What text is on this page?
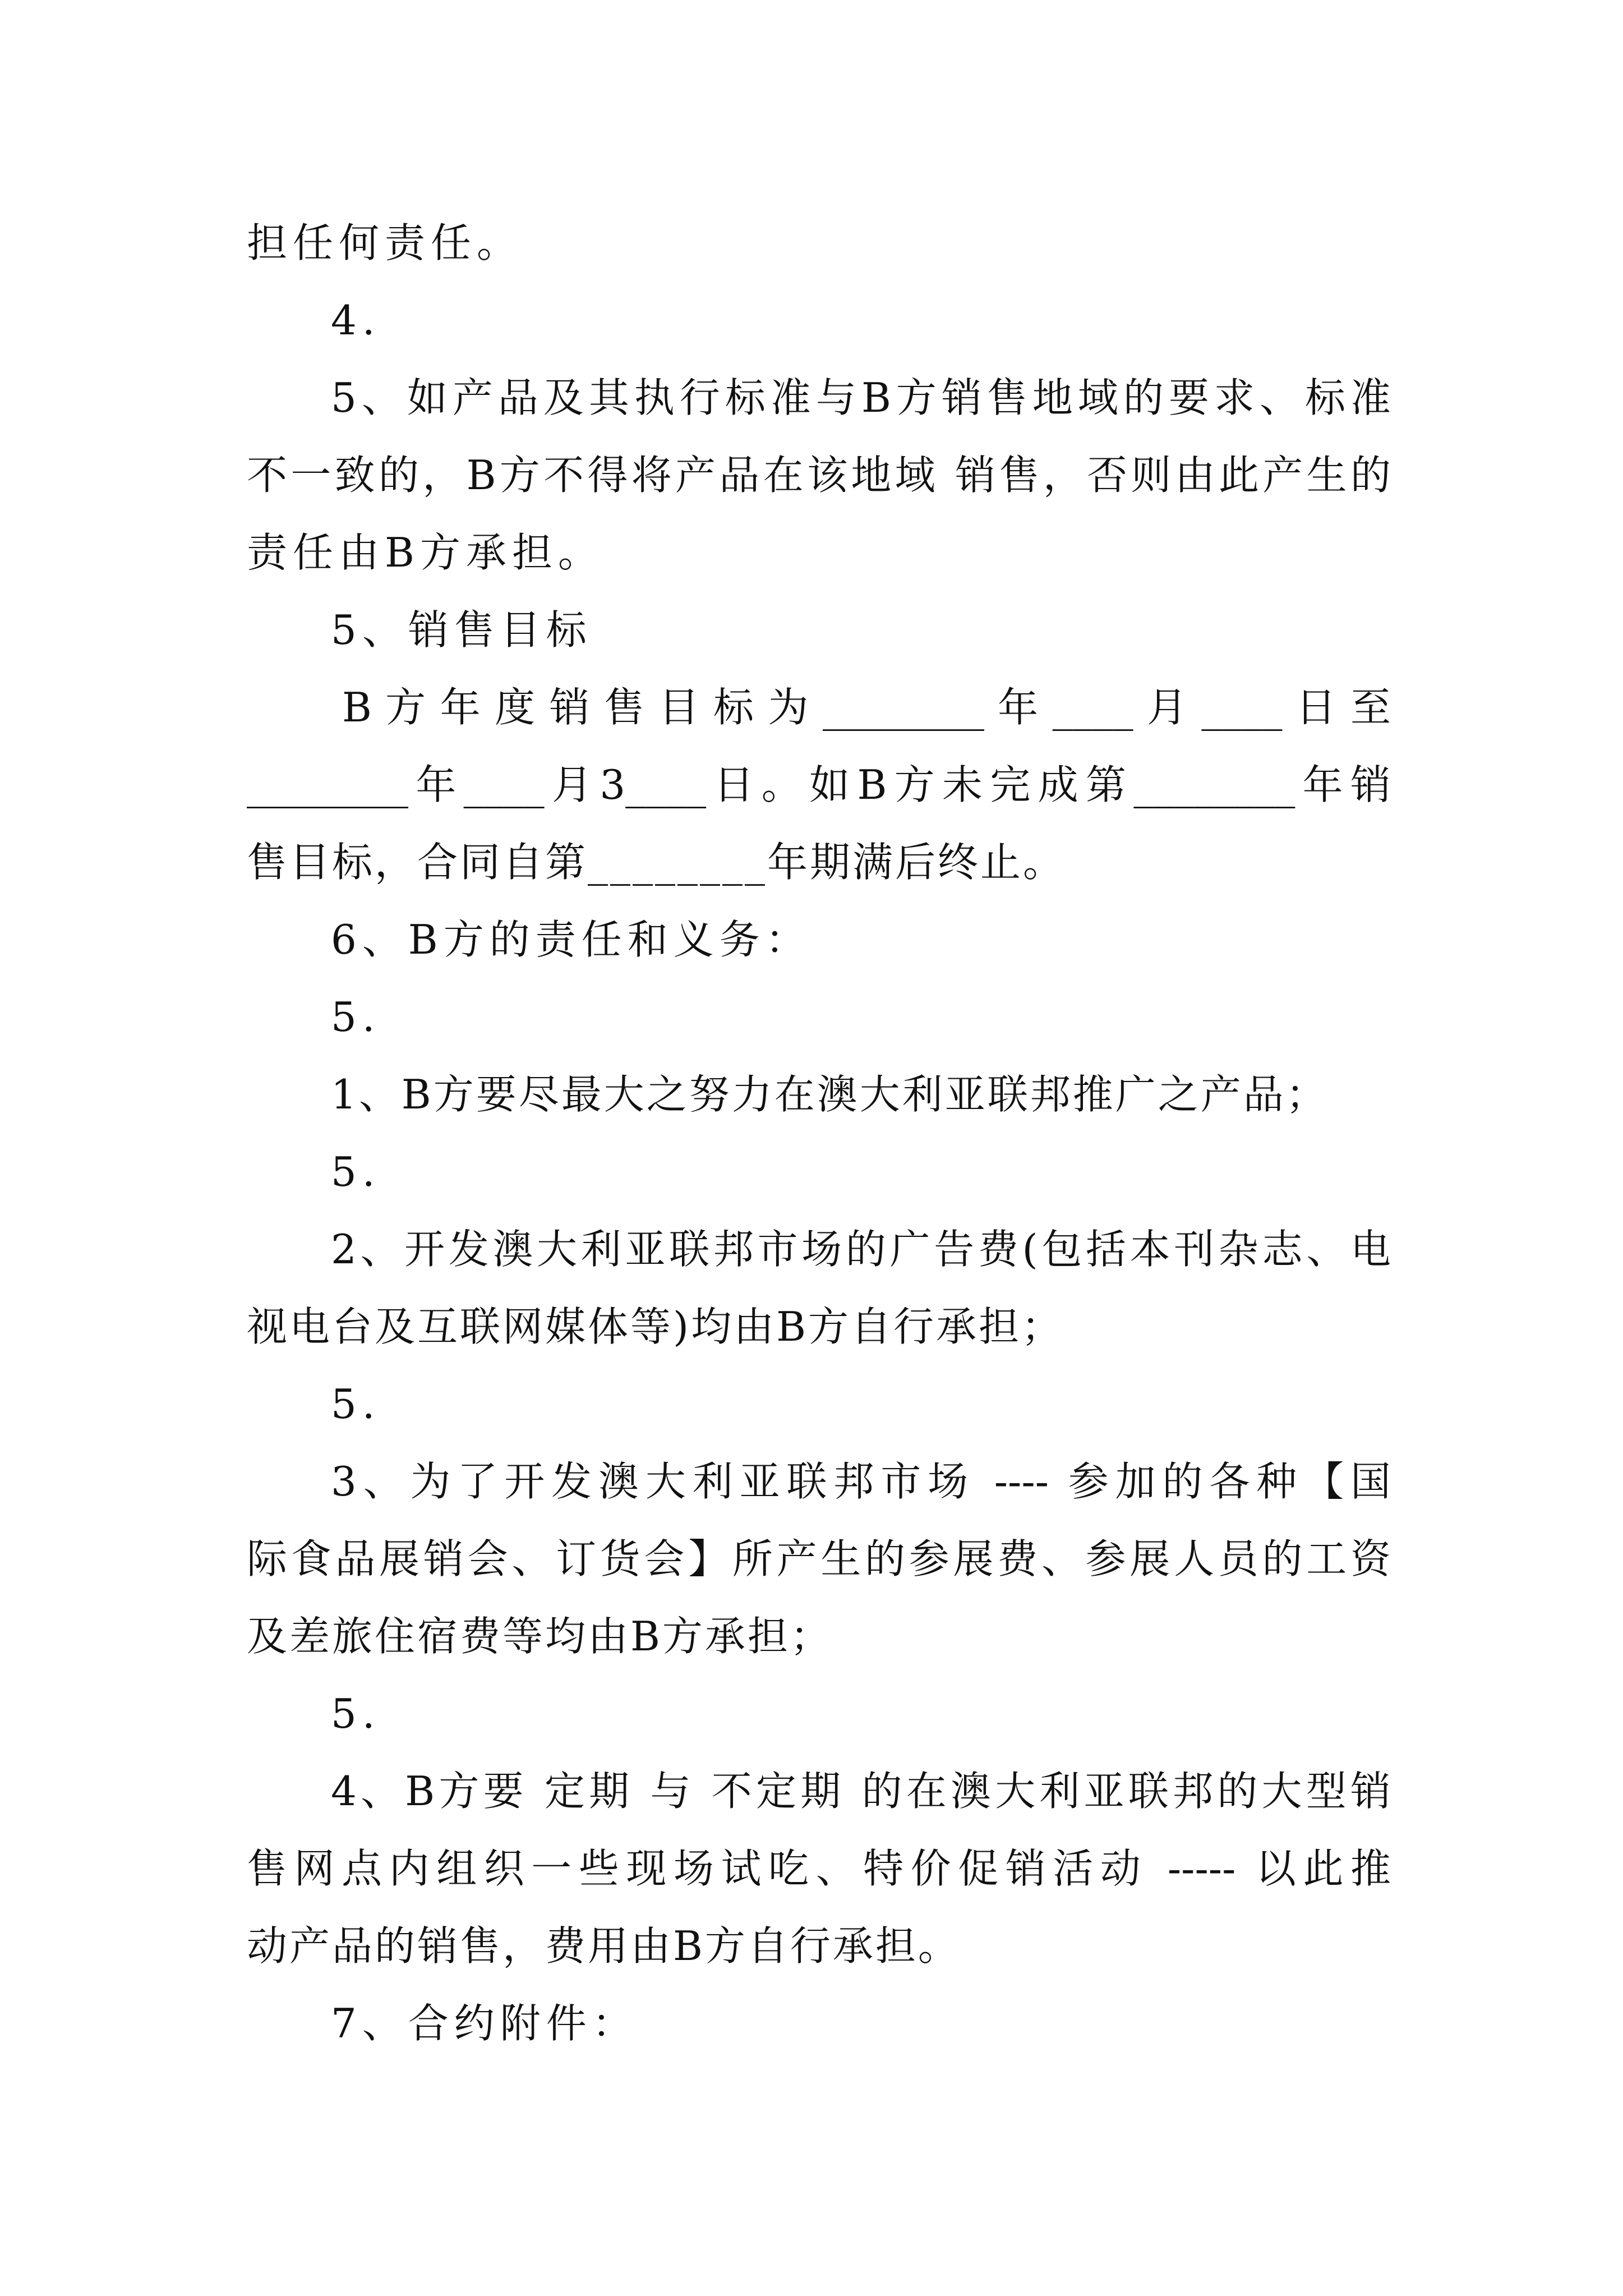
担任何责任。
4.
5、如产品及其执行标准与B方销售地域的要求、标准
不一致的，B方不得将产品在该地域 销售，否则由此产生的
责任由B方承担。
5、销售目标
B 方 年 度 销 售 目 标 为 ________ 年 ____ 月 ____ 日 至
________年____月3____日。如B方未完成第________年销
售目标，合同自第________年期满后终止。
6、B方的责任和义务：
5.
1、B方要尽最大之努力在澳大利亚联邦推广之产品；
5.
2、开发澳大利亚联邦市场的广告费(包括本刊杂志、电
视电台及互联网媒体等)均由B方自行承担；
5.
3、为了开发澳大利亚联邦市场 ---- 参加的各种【国
际食品展销会、订货会】所产生的参展费、参展人员的工资
及差旅住宿费等均由B方承担；
5.
4、B方要 定期 与 不定期 的在澳大利亚联邦的大型销
售网点内组织一些现场试吃、特价促销活动 ----- 以此推
动产品的销售，费用由B方自行承担。
7、合约附件：
